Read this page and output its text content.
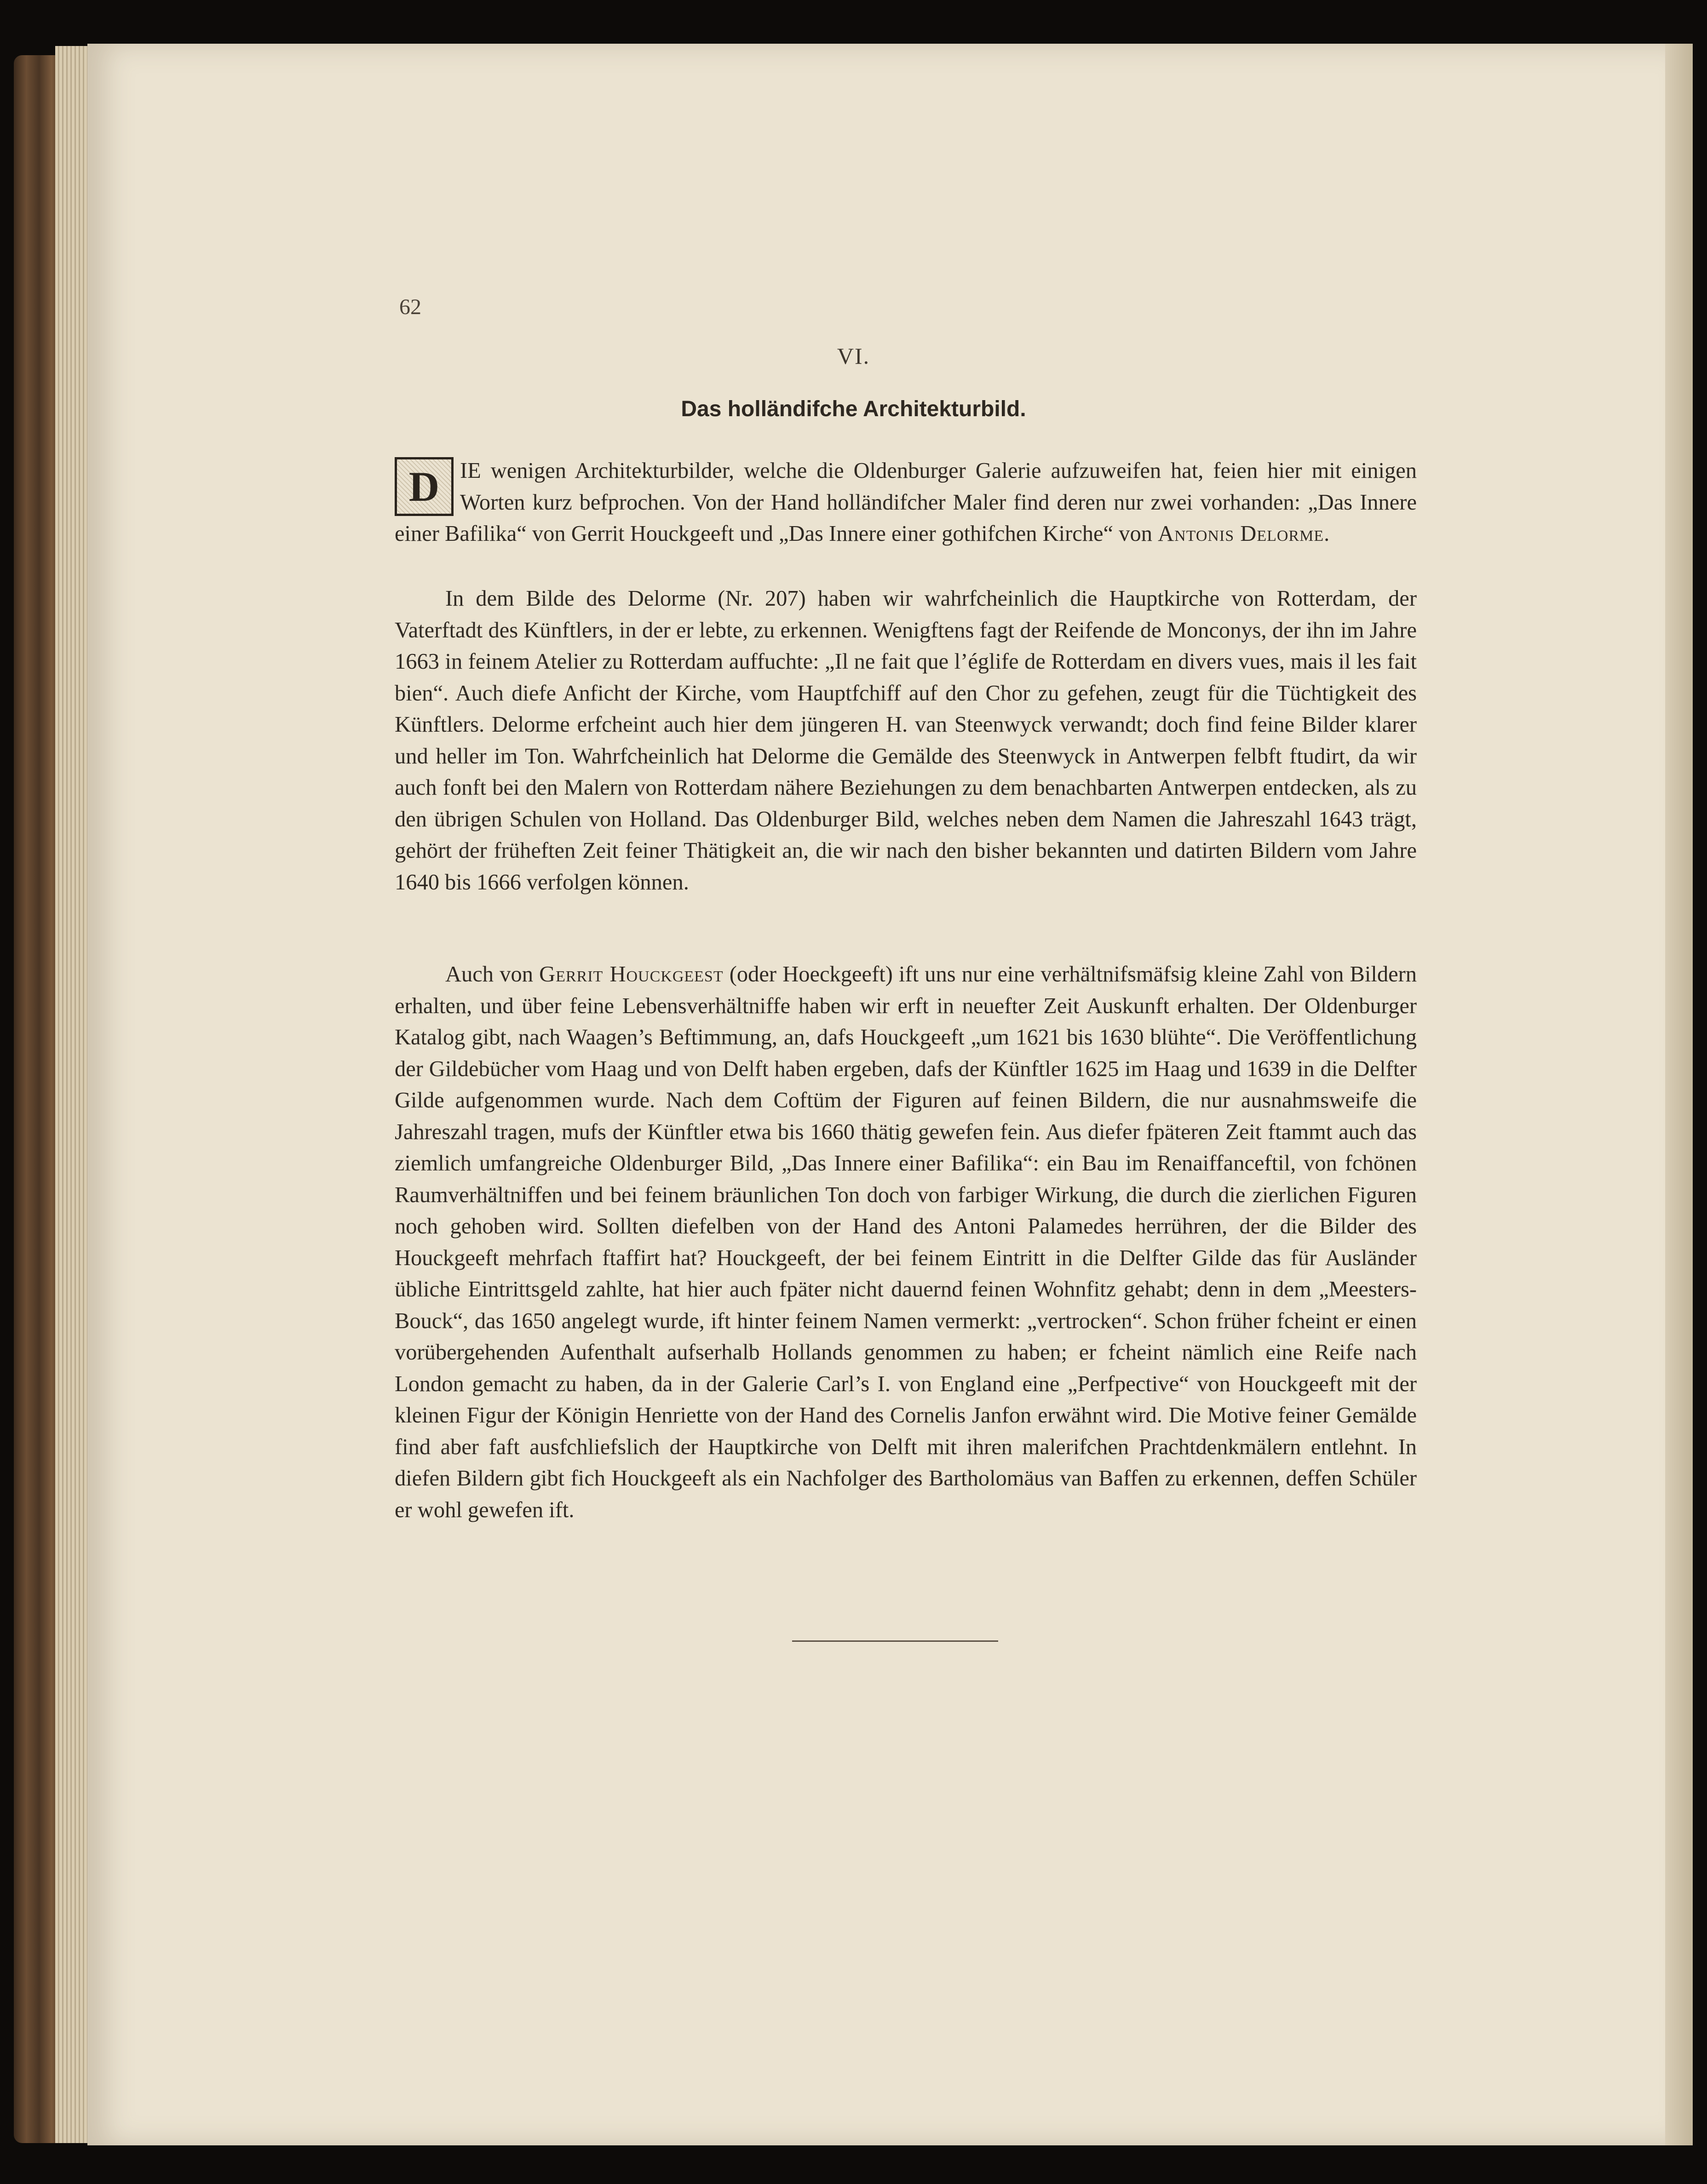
62
VI.
Das holländifche Architekturbild.

D IE wenigen Architekturbilder, welche die Oldenburger Galerie aufzuweifen hat, feien hier mit einigen Worten kurz befprochen. Von der Hand holländifcher Maler find deren nur zwei vorhanden: „Das Innere einer Bafilika“ von Gerrit Houckgeeft und „Das Innere einer gothifchen Kirche“ von Antonis Delorme.

In dem Bilde des Delorme (Nr. 207) haben wir wahrfcheinlich die Hauptkirche von Rotterdam, der Vaterftadt des Künftlers, in der er lebte, zu erkennen. Wenigftens fagt der Reifende de Monconys, der ihn im Jahre 1663 in feinem Atelier zu Rotterdam auffuchte: „Il ne fait que l’églife de Rotterdam en divers vues, mais il les fait bien“. Auch diefe Anficht der Kirche, vom Hauptfchiff auf den Chor zu gefehen, zeugt für die Tüchtigkeit des Künftlers. Delorme erfcheint auch hier dem jüngeren H. van Steenwyck verwandt; doch find feine Bilder klarer und heller im Ton. Wahrfcheinlich hat Delorme die Gemälde des Steenwyck in Antwerpen felbft ftudirt, da wir auch fonft bei den Malern von Rotterdam nähere Beziehungen zu dem benachbarten Antwerpen entdecken, als zu den übrigen Schulen von Holland. Das Oldenburger Bild, welches neben dem Namen die Jahreszahl 1643 trägt, gehört der früheften Zeit feiner Thätigkeit an, die wir nach den bisher bekannten und datirten Bildern vom Jahre 1640 bis 1666 verfolgen können.

Auch von Gerrit Houckgeest (oder Hoeckgeeft) ift uns nur eine verhältnifsmäfsig kleine Zahl von Bildern erhalten, und über feine Lebensverhältniffe haben wir erft in neuefter Zeit Auskunft erhalten. Der Oldenburger Katalog gibt, nach Waagen’s Beftimmung, an, dafs Houckgeeft „um 1621 bis 1630 blühte“. Die Veröffentlichung der Gildebücher vom Haag und von Delft haben ergeben, dafs der Künftler 1625 im Haag und 1639 in die Delfter Gilde aufgenommen wurde. Nach dem Coftüm der Figuren auf feinen Bildern, die nur ausnahmsweife die Jahreszahl tragen, mufs der Künftler etwa bis 1660 thätig gewefen fein. Aus diefer fpäteren Zeit ftammt auch das ziemlich umfangreiche Oldenburger Bild, „Das Innere einer Bafilika“: ein Bau im Renaiffanceftil, von fchönen Raumverhältniffen und bei feinem bräunlichen Ton doch von farbiger Wirkung, die durch die zierlichen Figuren noch gehoben wird. Sollten diefelben von der Hand des Antoni Palamedes herrühren, der die Bilder des Houckgeeft mehrfach ftaffirt hat? Houckgeeft, der bei feinem Eintritt in die Delfter Gilde das für Ausländer übliche Eintrittsgeld zahlte, hat hier auch fpäter nicht dauernd feinen Wohnfitz gehabt; denn in dem „Meesters-Bouck“, das 1650 angelegt wurde, ift hinter feinem Namen vermerkt: „vertrocken“. Schon früher fcheint er einen vorübergehenden Aufenthalt aufserhalb Hollands genommen zu haben; er fcheint nämlich eine Reife nach London gemacht zu haben, da in der Galerie Carl’s I. von England eine „Perfpective“ von Houckgeeft mit der kleinen Figur der Königin Henriette von der Hand des Cornelis Janfon erwähnt wird. Die Motive feiner Gemälde find aber faft ausfchliefslich der Hauptkirche von Delft mit ihren malerifchen Prachtdenkmälern entlehnt. In diefen Bildern gibt fich Houckgeeft als ein Nachfolger des Bartholomäus van Baffen zu erkennen, deffen Schüler er wohl gewefen ift.
